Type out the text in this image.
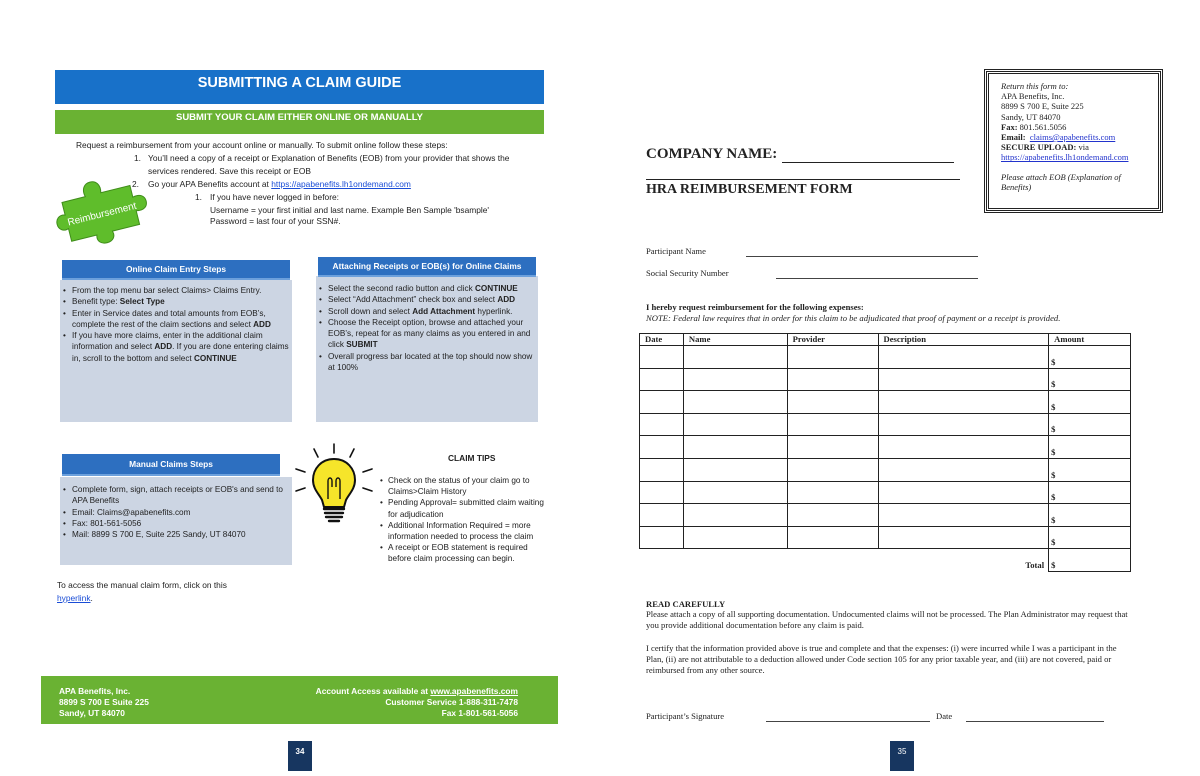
SUBMITTING A CLAIM GUIDE
SUBMIT YOUR CLAIM EITHER ONLINE OR MANUALLY
Request a reimbursement from your account online or manually. To submit online follow these steps:
1. You’ll need a copy of a receipt or Explanation of Benefits (EOB) from your provider that shows the services rendered. Save this receipt or EOB
2. Go your APA Benefits account at https://apabenefits.lh1ondemand.com
1. If you have never logged in before:
Username = your first initial and last name. Example Ben Sample 'bsample'
Password = last four of your SSN#.
Reimbursement
Online Claim Entry Steps
• From the top menu bar select Claims> Claims Entry.
• Benefit type: Select Type
• Enter in Service dates and total amounts from EOB’s, complete the rest of the claim sections and select ADD
• If you have more claims, enter in the additional claim information and select ADD. If you are done entering claims in, scroll to the bottom and select CONTINUE
Attaching Receipts or EOB(s) for Online Claims
• Select the second radio button and click CONTINUE
• Select “Add Attachment” check box and select ADD
• Scroll down and select Add Attachment hyperlink.
• Choose the Receipt option, browse and attached your EOB’s, repeat for as many claims as you entered in and click SUBMIT
• Overall progress bar located at the top should now show at 100%
Manual Claims Steps
• Complete form, sign, attach receipts or EOB's and send to APA Benefits
• Email: Claims@apabenefits.com
• Fax: 801-561-5056
• Mail: 8899 S 700 E, Suite 225 Sandy, UT 84070
CLAIM TIPS
• Check on the status of your claim go to Claims>Claim History
• Pending Approval= submitted claim waiting for adjudication
• Additional Information Required = more information needed to process the claim
• A receipt or EOB statement is required before claim processing can begin.
To access the manual claim form, click on this
hyperlink.
APA Benefits, Inc.
8899 S 700 E Suite 225
Sandy, UT 84070
Account Access available at www.apabenefits.com
Customer Service 1-888-311-7478
Fax 1-801-561-5056
34
Return this form to:
APA Benefits, Inc.
8899 S 700 E, Suite 225
Sandy, UT 84070
Fax: 801.561.5056
Email: claims@apabenefits.com
SECURE UPLOAD: via
https://apabenefits.lh1ondemand.com
Please attach EOB (Explanation of Benefits)
COMPANY NAME:
HRA REIMBURSEMENT FORM
Participant Name
Social Security Number
I hereby request reimbursement for the following expenses:
NOTE: Federal law requires that in order for this claim to be adjudicated that proof of payment or a receipt is provided.
Date	Name	Provider	Description	Amount
				$
				$
				$
				$
				$
				$
				$
				$
				$
Total				$
READ CAREFULLY
Please attach a copy of all supporting documentation. Undocumented claims will not be processed. The Plan Administrator may request that you provide additional documentation before any claim is paid.
I certify that the information provided above is true and complete and that the expenses: (i) were incurred while I was a participant in the Plan, (ii) are not attributable to a deduction allowed under Code section 105 for any prior taxable year, and (iii) are not covered, paid or reimbursed from any other source.
Participant’s Signature	Date
35
